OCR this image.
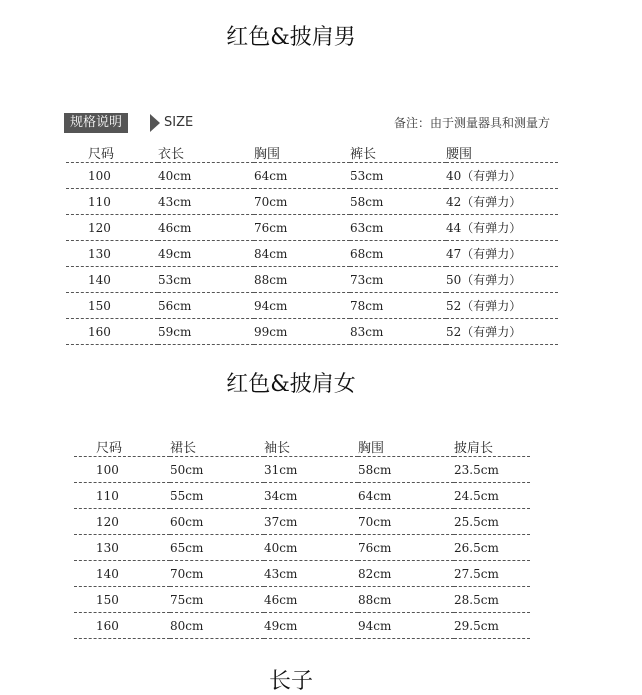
红色&披肩男
规格说明	SIZE	备注：由于测量器具和测量方
尺码	衣长	胸围	裤长	腰围
100	40cm	64cm	53cm	40（有弹力）
110	43cm	70cm	58cm	42（有弹力）
120	46cm	76cm	63cm	44（有弹力）
130	49cm	84cm	68cm	47（有弹力）
140	53cm	88cm	73cm	50（有弹力）
150	56cm	94cm	78cm	52（有弹力）
160	59cm	99cm	83cm	52（有弹力）
红色&披肩女
尺码	裙长	袖长	胸围	披肩长
100	50cm	31cm	58cm	23.5cm
110	55cm	34cm	64cm	24.5cm
120	60cm	37cm	70cm	25.5cm
130	65cm	40cm	76cm	26.5cm
140	70cm	43cm	82cm	27.5cm
150	75cm	46cm	88cm	28.5cm
160	80cm	49cm	94cm	29.5cm
长子
